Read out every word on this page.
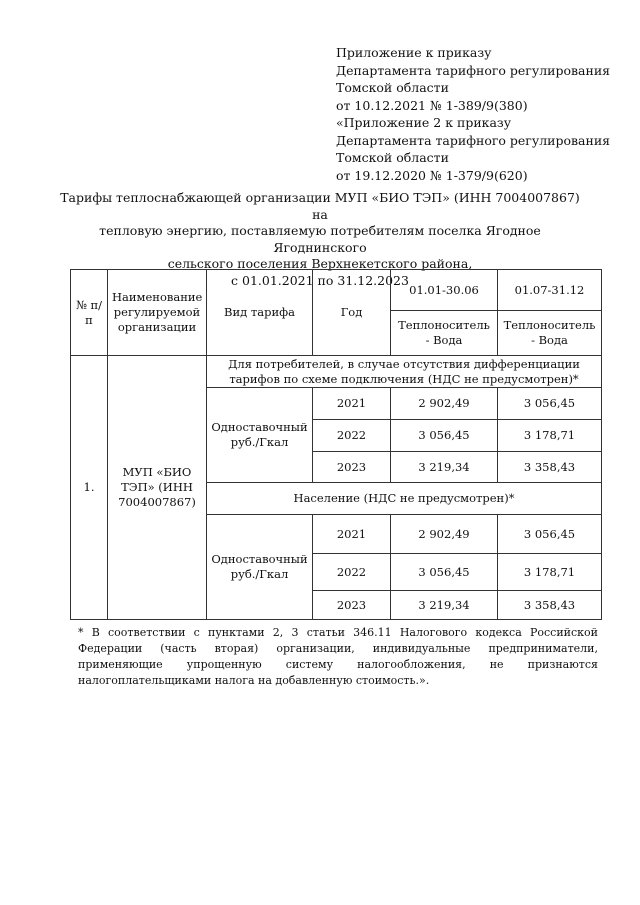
Приложение к приказу
Департамента тарифного регулирования
Томской области
от 10.12.2021 № 1-389/9(380)
«Приложение 2 к приказу
Департамента тарифного регулирования
Томской области
от 19.12.2020 № 1-379/9(620)
Тарифы теплоснабжающей организации МУП «БИО ТЭП» (ИНН 7004007867) на
тепловую энергию, поставляемую потребителям поселка Ягодное Ягоднинского
сельского поселения Верхнекетского района,
с 01.01.2021 по 31.12.2023
№ п/п	Наименование регулируемой организации	Вид тарифа	Год	01.01-30.06	01.07-31.12
				Теплоноситель - Вода	Теплоноситель - Вода
1.	МУП «БИО ТЭП» (ИНН 7004007867)	Для потребителей, в случае отсутствия дифференциации тарифов по схеме подключения (НДС не предусмотрен)*			
		Одноставочный руб./Гкал	2021	2 902,49	3 056,45
			2022	3 056,45	3 178,71
			2023	3 219,34	3 358,43
		Население (НДС не предусмотрен)*			
		Одноставочный руб./Гкал	2021	2 902,49	3 056,45
			2022	3 056,45	3 178,71
			2023	3 219,34	3 358,43
* В соответствии с пунктами 2, 3 статьи 346.11 Налогового кодекса Российской Федерации (часть вторая) организации, индивидуальные предприниматели, применяющие упрощенную систему налогообложения, не признаются налогоплательщиками налога на добавленную стоимость.».
